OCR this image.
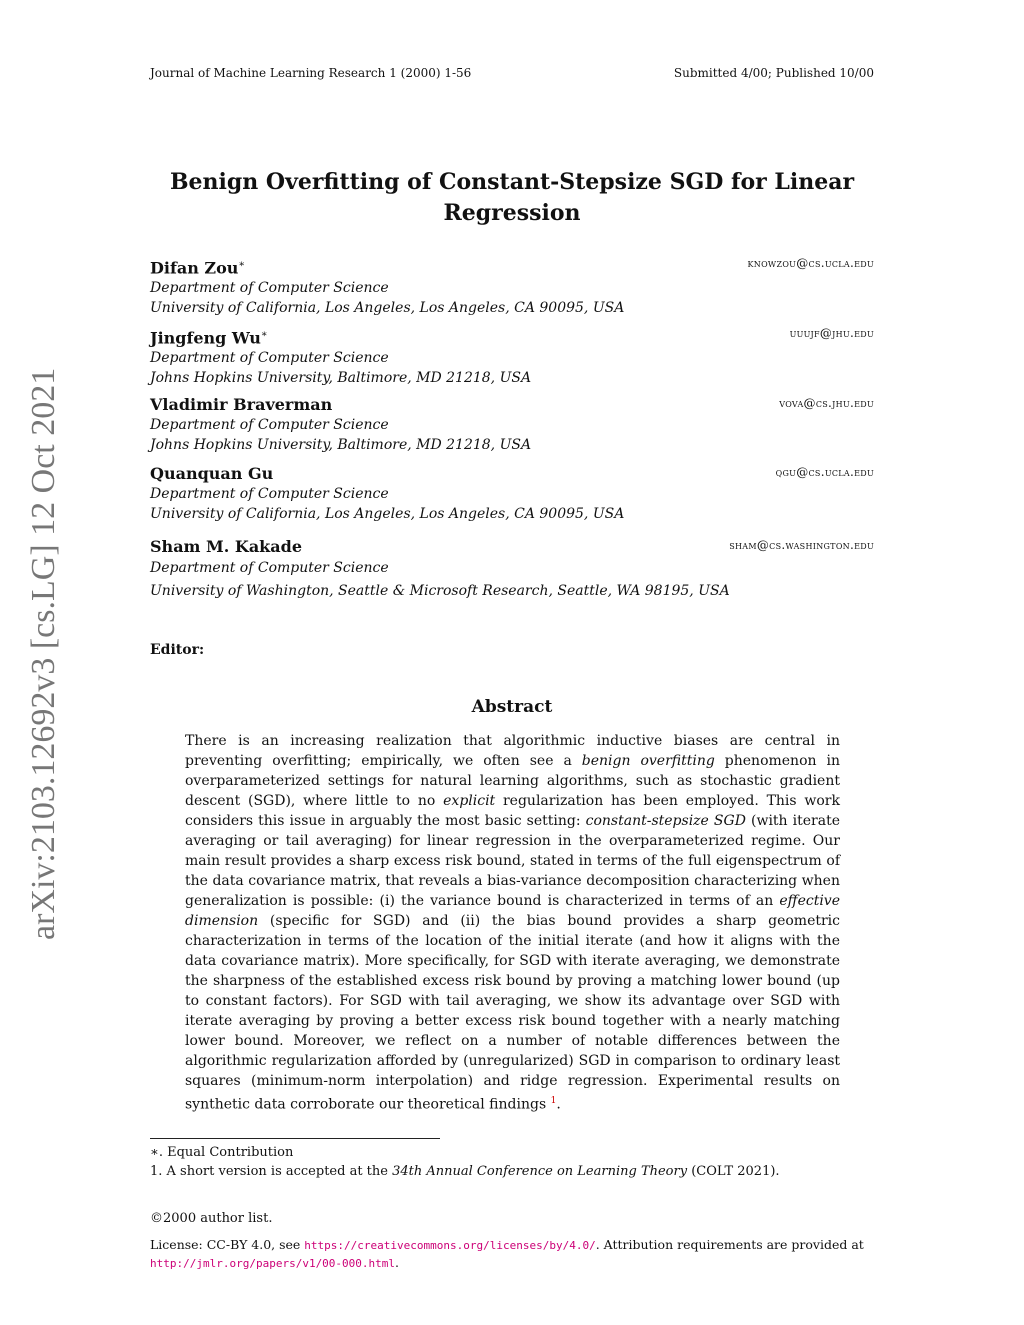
Journal of Machine Learning Research 1 (2000) 1-56	Submitted 4/00; Published 10/00
arXiv:2103.12692v3 [cs.LG] 12 Oct 2021
Benign Overfitting of Constant-Stepsize SGD for Linear Regression
Difan Zou∗	knowzou@cs.ucla.edu
Department of Computer Science
University of California, Los Angeles, Los Angeles, CA 90095, USA
Jingfeng Wu∗	uuujf@jhu.edu
Department of Computer Science
Johns Hopkins University, Baltimore, MD 21218, USA
Vladimir Braverman	vova@cs.jhu.edu
Department of Computer Science
Johns Hopkins University, Baltimore, MD 21218, USA
Quanquan Gu	qgu@cs.ucla.edu
Department of Computer Science
University of California, Los Angeles, Los Angeles, CA 90095, USA
Sham M. Kakade	sham@cs.washington.edu
Department of Computer Science
University of Washington, Seattle & Microsoft Research, Seattle, WA 98195, USA
Editor:
Abstract
There is an increasing realization that algorithmic inductive biases are central in preventing overfitting; empirically, we often see a benign overfitting phenomenon in overparameterized settings for natural learning algorithms, such as stochastic gradient descent (SGD), where little to no explicit regularization has been employed. This work considers this issue in arguably the most basic setting: constant-stepsize SGD (with iterate averaging or tail averaging) for linear regression in the overparameterized regime. Our main result provides a sharp excess risk bound, stated in terms of the full eigenspectrum of the data covariance matrix, that reveals a bias-variance decomposition characterizing when generalization is possible: (i) the variance bound is characterized in terms of an effective dimension (specific for SGD) and (ii) the bias bound provides a sharp geometric characterization in terms of the location of the initial iterate (and how it aligns with the data covariance matrix). More specifically, for SGD with iterate averaging, we demonstrate the sharpness of the established excess risk bound by proving a matching lower bound (up to constant factors). For SGD with tail averaging, we show its advantage over SGD with iterate averaging by proving a better excess risk bound together with a nearly matching lower bound. Moreover, we reflect on a number of notable differences between the algorithmic regularization afforded by (unregularized) SGD in comparison to ordinary least squares (minimum-norm interpolation) and ridge regression. Experimental results on synthetic data corroborate our theoretical findings $^1$.
∗. Equal Contribution
1. A short version is accepted at the 34th Annual Conference on Learning Theory (COLT 2021).
©2000 author list.
License: CC-BY 4.0, see https://creativecommons.org/licenses/by/4.0/. Attribution requirements are provided at http://jmlr.org/papers/v1/00-000.html.
